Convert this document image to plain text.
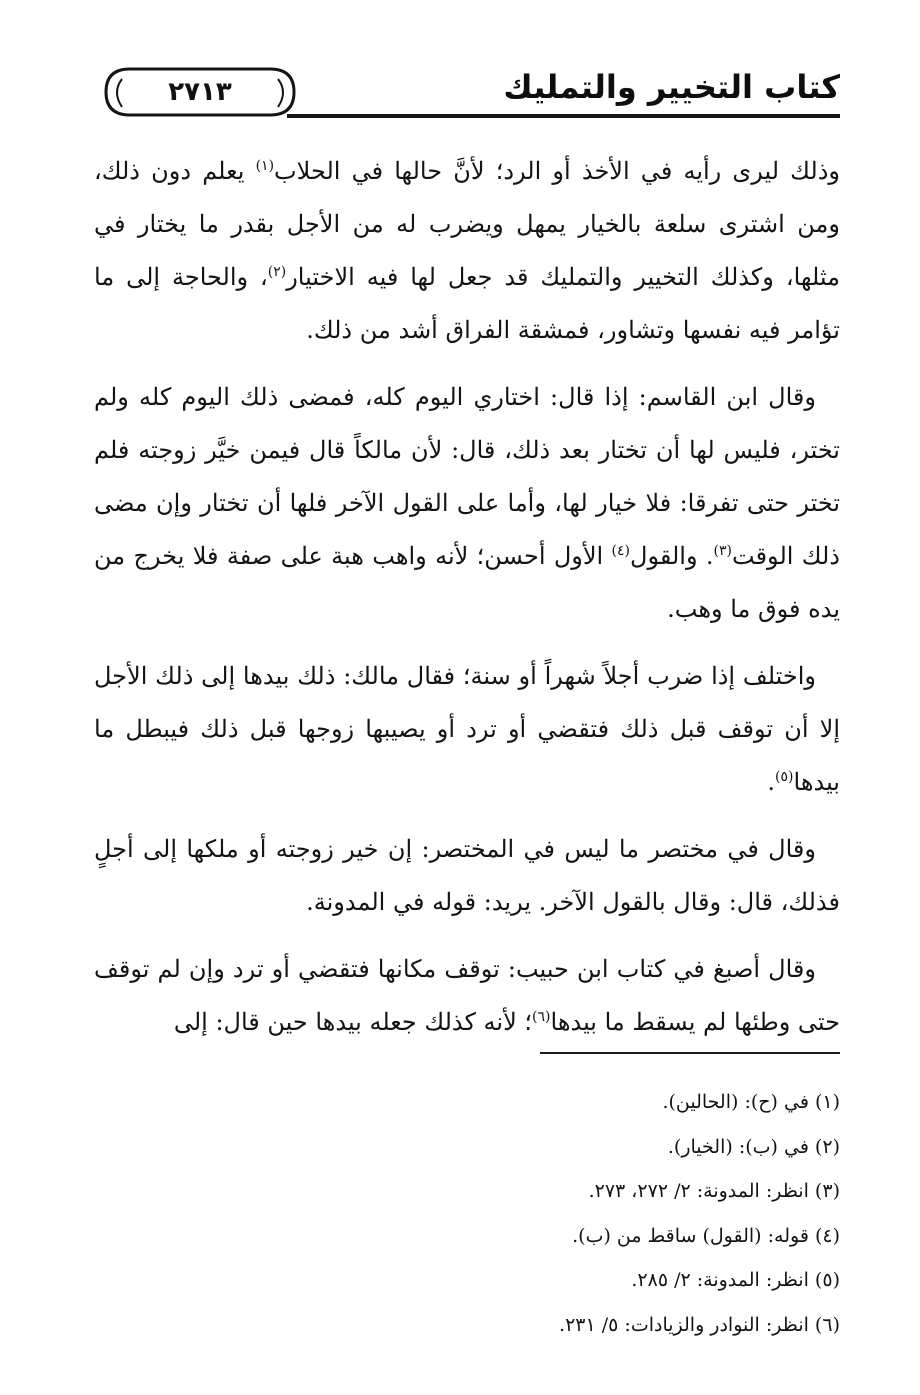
٢٧١٣	كتاب التخيير والتمليك

وذلك ليرى رأيه في الأخذ أو الرد؛ لأنَّ حالها في الحلاب$^{(١)}$ يعلم دون ذلك، ومن اشترى سلعة بالخيار يمهل ويضرب له من الأجل بقدر ما يختار في مثلها، وكذلك التخيير والتمليك قد جعل لها فيه الاختيار$^{(٢)}$، والحاجة إلى ما تؤامر فيه نفسها وتشاور، فمشقة الفراق أشد من ذلك.

وقال ابن القاسم: إذا قال: اختاري اليوم كله، فمضى ذلك اليوم كله ولم تختر، فليس لها أن تختار بعد ذلك، قال: لأن مالكاً قال فيمن خيَّر زوجته فلم تختر حتى تفرقا: فلا خيار لها، وأما على القول الآخر فلها أن تختار وإن مضى ذلك الوقت$^{(٣)}$. والقول$^{(٤)}$ الأول أحسن؛ لأنه واهب هبة على صفة فلا يخرج من يده فوق ما وهب.

واختلف إذا ضرب أجلاً شهراً أو سنة؛ فقال مالك: ذلك بيدها إلى ذلك الأجل إلا أن توقف قبل ذلك فتقضي أو ترد أو يصيبها زوجها قبل ذلك فيبطل ما بيدها$^{(٥)}$.

وقال في مختصر ما ليس في المختصر: إن خير زوجته أو ملكها إلى أجلٍ فذلك، قال: وقال بالقول الآخر. يريد: قوله في المدونة.

وقال أصبغ في كتاب ابن حبيب: توقف مكانها فتقضي أو ترد وإن لم توقف حتى وطئها لم يسقط ما بيدها$^{(٦)}$؛ لأنه كذلك جعله بيدها حين قال: إلى

(١) في (ح): (الحالين).
(٢) في (ب): (الخيار).
(٣) انظر: المدونة: ٢/ ٢٧٢، ٢٧٣.
(٤) قوله: (القول) ساقط من (ب).
(٥) انظر: المدونة: ٢/ ٢٨٥.
(٦) انظر: النوادر والزيادات: ٥/ ٢٣١.
